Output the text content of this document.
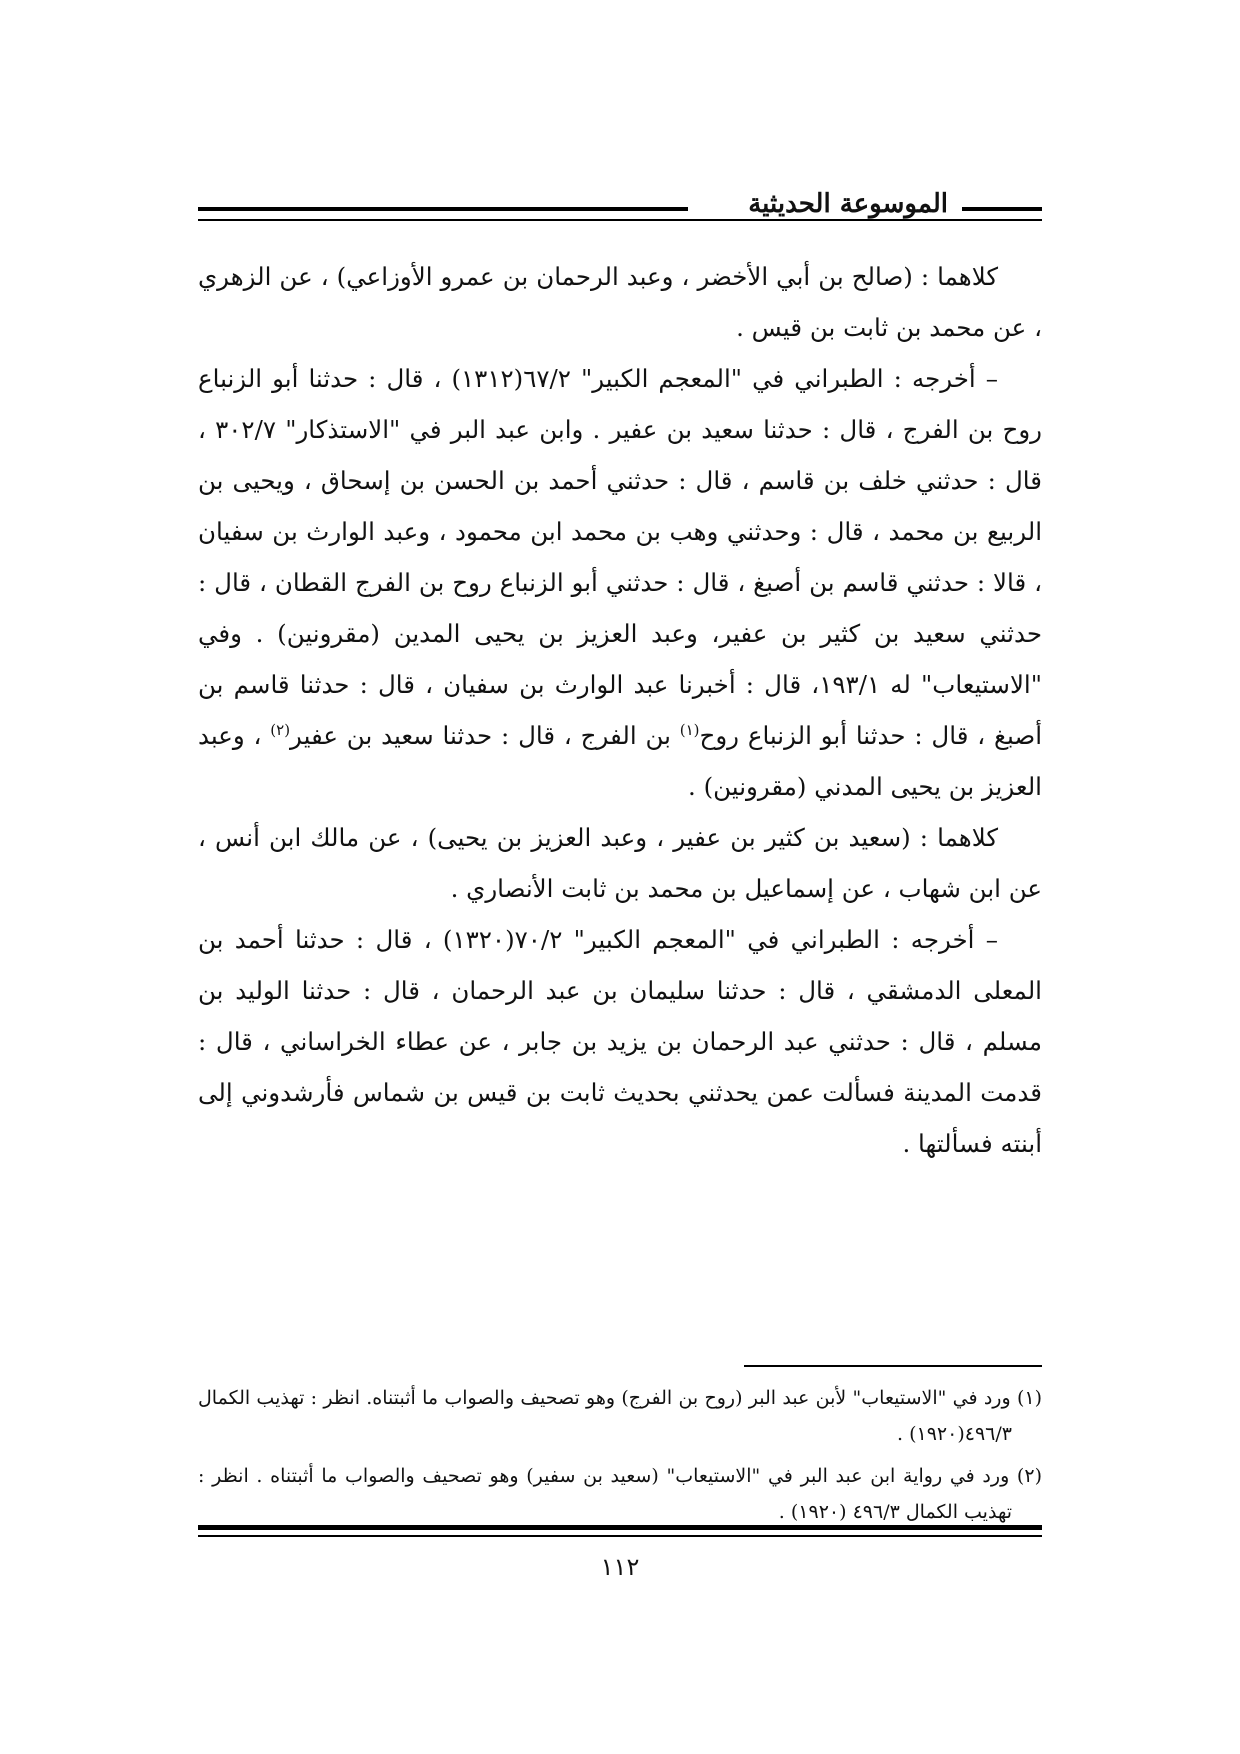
الموسوعة الحديثية

كلاهما : (صالح بن أبي الأخضر ، وعبد الرحمان بن عمرو الأوزاعي) ، عن الزهري ، عن محمد بن ثابت بن قيس .

– أخرجه : الطبراني في "المعجم الكبير" ٦٧/٢(١٣١٢) ، قال : حدثنا أبو الزنباع روح بن الفرج ، قال : حدثنا سعيد بن عفير . وابن عبد البر في "الاستذكار" ٣٠٢/٧ ، قال : حدثني خلف بن قاسم ، قال : حدثني أحمد بن الحسن بن إسحاق ، ويحيى بن الربيع بن محمد ، قال : وحدثني وهب بن محمد ابن محمود ، وعبد الوارث بن سفيان ، قالا : حدثني قاسم بن أصبغ ، قال : حدثني أبو الزنباع روح بن الفرج القطان ، قال : حدثني سعيد بن كثير بن عفير، وعبد العزيز بن يحيى المدين (مقرونين) . وفي "الاستيعاب" له ١٩٣/١، قال : أخبرنا عبد الوارث بن سفيان ، قال : حدثنا قاسم بن أصبغ ، قال : حدثنا أبو الزنباع روح$^{(١)}$ بن الفرج ، قال : حدثنا سعيد بن عفير$^{(٢)}$ ، وعبد العزيز بن يحيى المدني (مقرونين) .

كلاهما : (سعيد بن كثير بن عفير ، وعبد العزيز بن يحيى) ، عن مالك ابن أنس ، عن ابن شهاب ، عن إسماعيل بن محمد بن ثابت الأنصاري .

– أخرجه : الطبراني في "المعجم الكبير" ٧٠/٢(١٣٢٠) ، قال : حدثنا أحمد بن المعلى الدمشقي ، قال : حدثنا سليمان بن عبد الرحمان ، قال : حدثنا الوليد بن مسلم ، قال : حدثني عبد الرحمان بن يزيد بن جابر ، عن عطاء الخراساني ، قال : قدمت المدينة فسألت عمن يحدثني بحديث ثابت بن قيس بن شماس فأرشدوني إلى أبنته فسألتها .

(١) ورد في "الاستيعاب" لأبن عبد البر (روح بن الفرج) وهو تصحيف والصواب ما أثبتناه. انظر : تهذيب الكمال ٤٩٦/٣(١٩٢٠) .

(٢) ورد في رواية ابن عبد البر في "الاستيعاب" (سعيد بن سفير) وهو تصحيف والصواب ما أثبتناه . انظر : تهذيب الكمال ٤٩٦/٣ (١٩٢٠) .

١١٢
